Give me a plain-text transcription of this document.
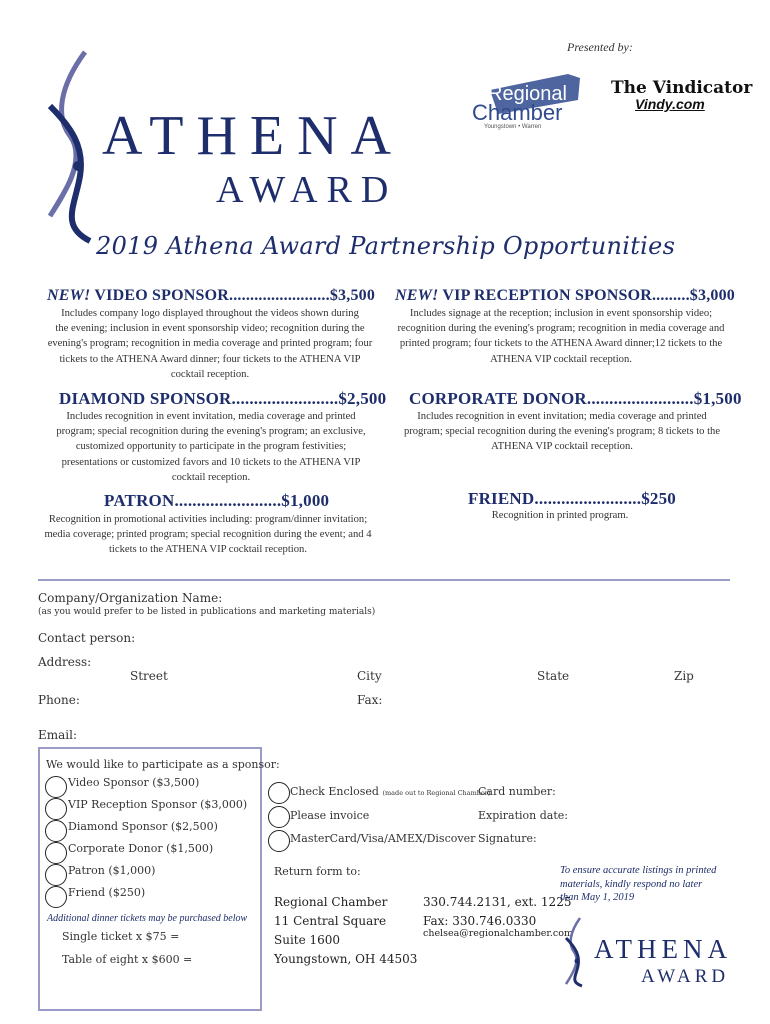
Presented by:
ATHENA
AWARD
Regional
Chamber
Youngstown • Warren
The Vindicator
Vindy.com
2019 Athena Award Partnership Opportunities
NEW! VIDEO SPONSOR........................$3,500
Includes company logo displayed throughout the videos shown during
the evening; inclusion in event sponsorship video; recognition during the
evening's program; recognition in media coverage and printed program; four
tickets to the ATHENA Award dinner; four tickets to the ATHENA VIP
cocktail reception.
NEW! VIP RECEPTION SPONSOR.........$3,000
Includes signage at the reception; inclusion in event sponsorship video;
recognition during the evening's program; recognition in media coverage and
printed program; four tickets to the ATHENA Award dinner;12 tickets to the
ATHENA VIP cocktail reception.
DIAMOND SPONSOR........................$2,500
Includes recognition in event invitation, media coverage and printed
program; special recognition during the evening's program; an exclusive,
customized opportunity to participate in the program festivities;
presentations or customized favors and 10 tickets to the ATHENA VIP
cocktail reception.
CORPORATE DONOR........................$1,500
Includes recognition in event invitation; media coverage and printed
program; special recognition during the evening's program; 8 tickets to the
ATHENA VIP cocktail reception.
PATRON........................$1,000
Recognition in promotional activities including: program/dinner invitation;
media coverage; printed program; special recognition during the event; and 4
tickets to the ATHENA VIP cocktail reception.
FRIEND........................$250
Recognition in printed program.
Company/Organization Name:
(as you would prefer to be listed in publications and marketing materials)
Contact person:
Address:
Street	City	State	Zip
Phone:	Fax:
Email:
We would like to participate as a sponsor:
Video Sponsor ($3,500)
VIP Reception Sponsor ($3,000)
Diamond Sponsor ($2,500)
Corporate Donor ($1,500)
Patron ($1,000)
Friend ($250)
Additional dinner tickets may be purchased below
Single ticket x $75 =
Table of eight x $600 =
Check Enclosed (made out to Regional Chamber)
Please invoice
MasterCard/Visa/AMEX/Discover
Card number:
Expiration date:
Signature:
Return form to:
Regional Chamber
11 Central Square
Suite 1600
Youngstown, OH 44503
330.744.2131, ext. 1225
Fax: 330.746.0330
chelsea@regionalchamber.com
To ensure accurate listings in printed
materials, kindly respond no later
than May 1, 2019
ATHENA
AWARD
